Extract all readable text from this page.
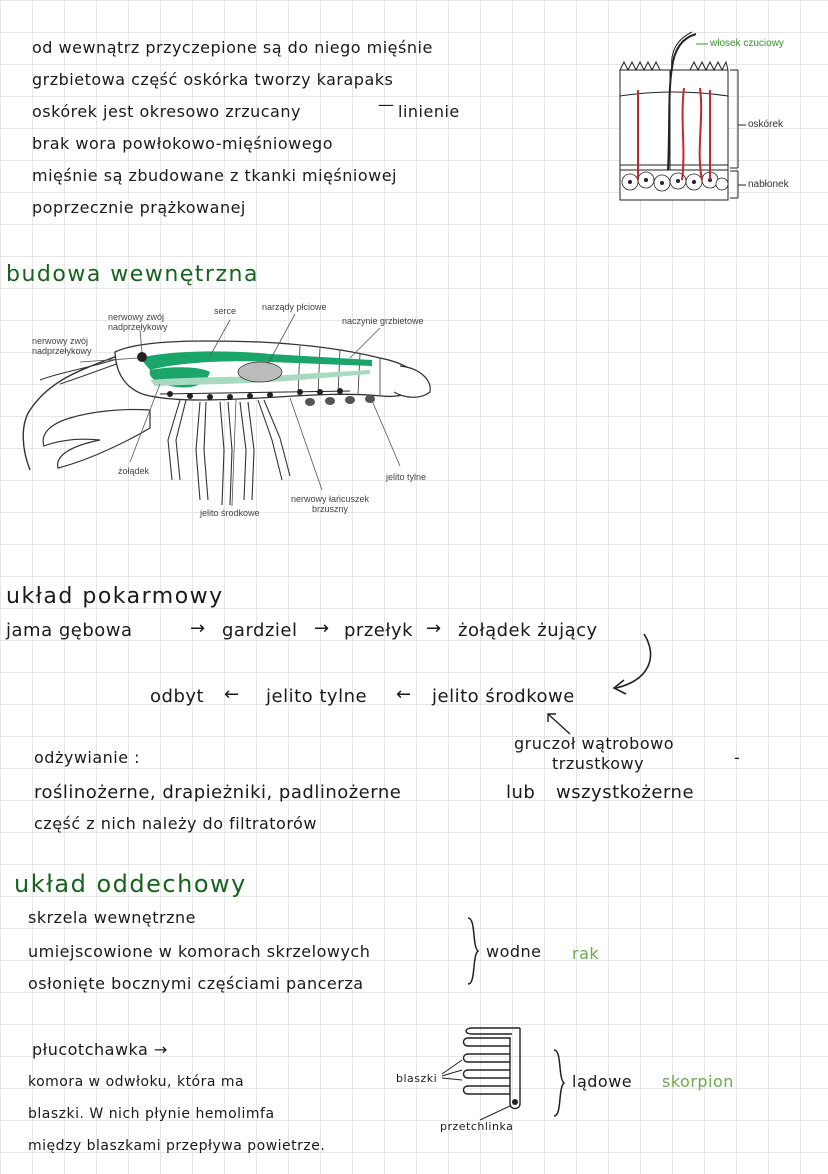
od wewnątrz przyczepione są do niego mięśnie
grzbietowa część oskórka tworzy karapaks
oskórek jest okresowo zrzucany	— linienie
brak wora powłokowo-mięśniowego
mięśnie są zbudowane z tkanki mięśniowej
poprzecznie prążkowanej
włosek czuciowy
oskórek
nabłonek
budowa wewnętrzna
nerwowy zwój nadprzełykowy
nerwowy zwój nadprzełykowy
serce	narządy płciowe
naczynie grzbietowe
żołądek
jelito tylne
jelito środkowe
nerwowy łańcuszek brzuszny
układ pokarmowy
jama gębowa	→ gardziel → przełyk → żołądek żujący
odbyt ← jelito tylne ← jelito środkowe
gruczoł wątrobowo
-
trzustkowy
odżywianie :
roślinożerne, drapieżniki, padlinożerne	lub wszystkożerne
część z nich należy do filtratorów
układ oddechowy
skrzela wewnętrzne
umiejscowione w komorach skrzelowych
osłonięte bocznymi częściami pancerza
wodne rak
płucotchawka →
komora w odwłoku, która ma
blaszki. W nich płynie hemolimfa
między blaszkami przepływa powietrze.
blaszki
przetchlinka
lądowe skorpion
